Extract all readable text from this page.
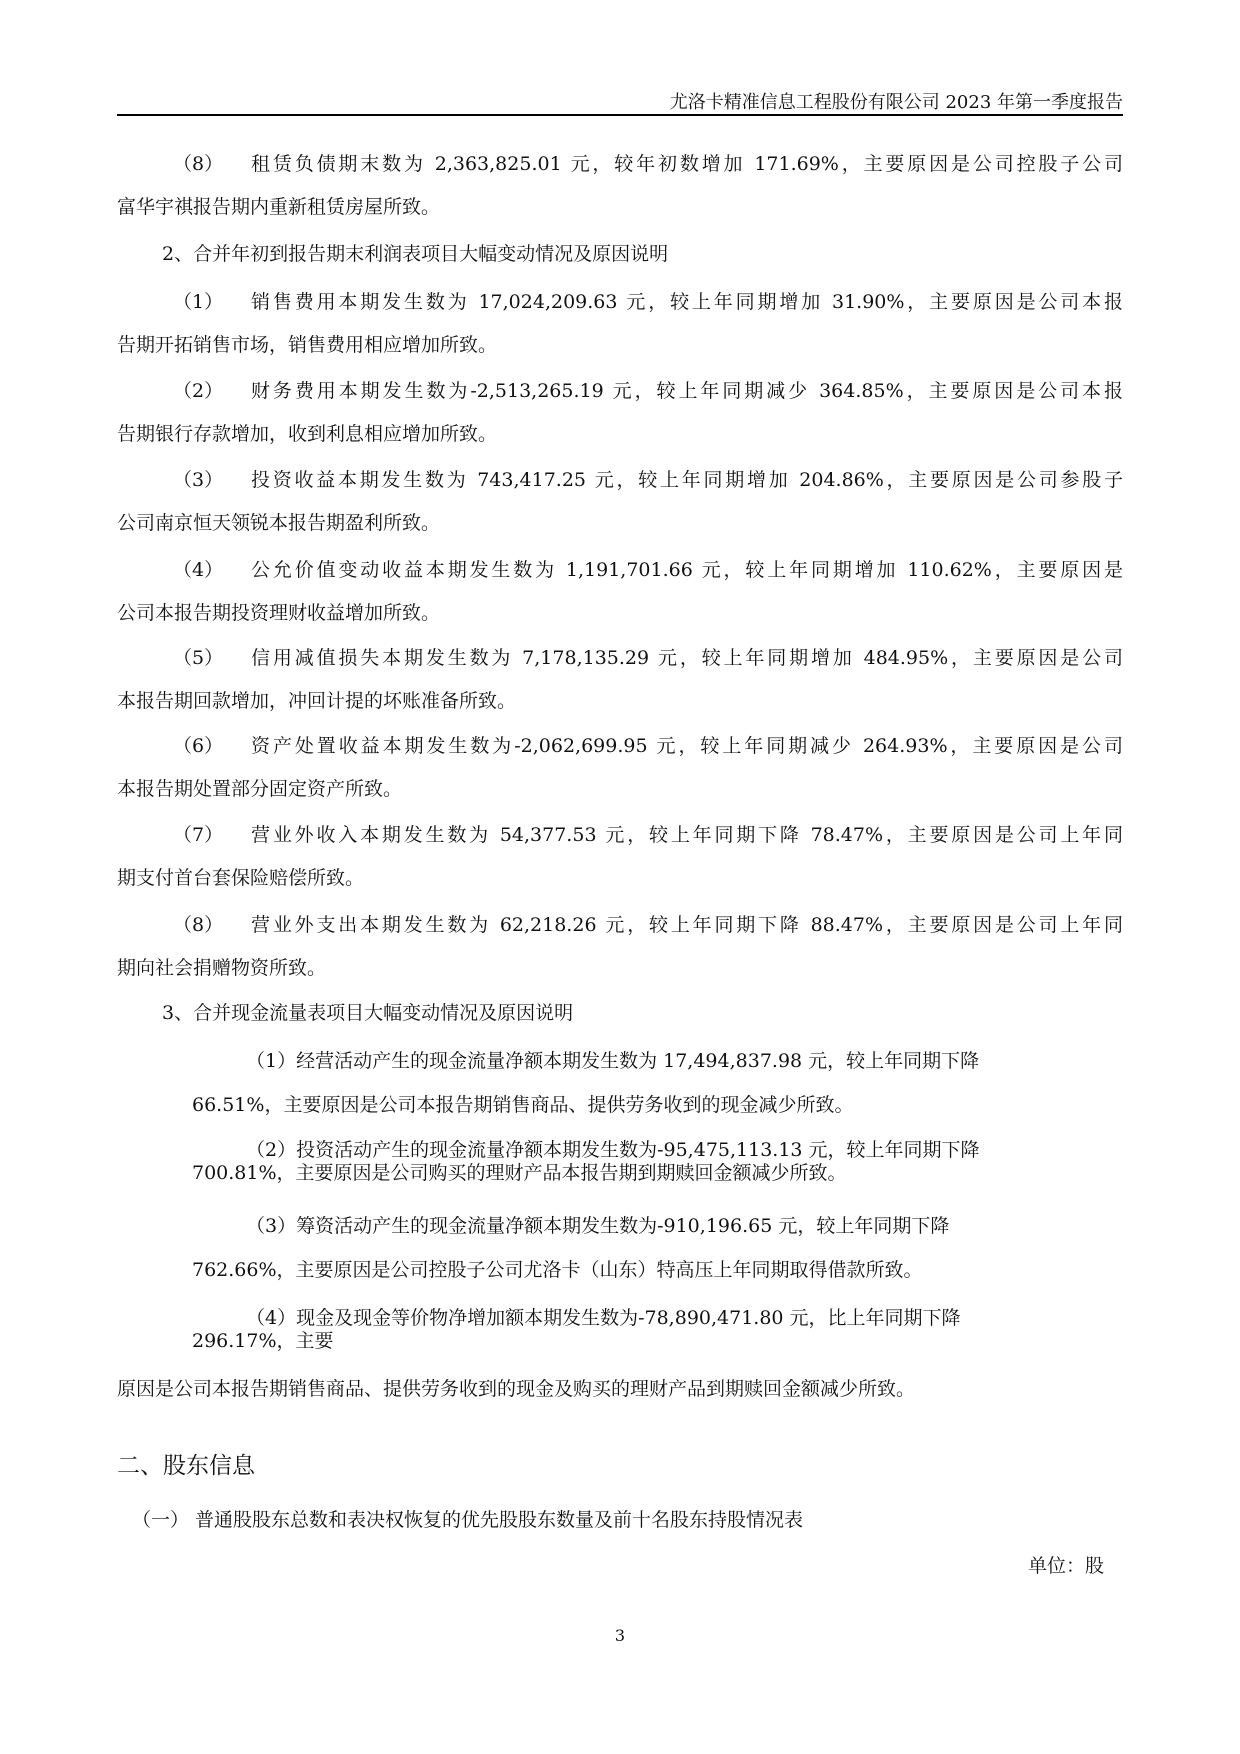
尤洛卡精准信息工程股份有限公司 2023 年第一季度报告
（8） 租赁负债期末数为 2,363,825.01 元，较年初数增加 171.69%，主要原因是公司控股子公司
富华宇祺报告期内重新租赁房屋所致。
2、合并年初到报告期末利润表项目大幅变动情况及原因说明
（1） 销售费用本期发生数为 17,024,209.63 元，较上年同期增加 31.90%，主要原因是公司本报
告期开拓销售市场，销售费用相应增加所致。
（2） 财务费用本期发生数为-2,513,265.19 元，较上年同期减少 364.85%，主要原因是公司本报
告期银行存款增加，收到利息相应增加所致。
（3） 投资收益本期发生数为 743,417.25 元，较上年同期增加 204.86%，主要原因是公司参股子
公司南京恒天领锐本报告期盈利所致。
（4） 公允价值变动收益本期发生数为 1,191,701.66 元，较上年同期增加 110.62%，主要原因是
公司本报告期投资理财收益增加所致。
（5） 信用减值损失本期发生数为 7,178,135.29 元，较上年同期增加 484.95%，主要原因是公司
本报告期回款增加，冲回计提的坏账准备所致。
（6） 资产处置收益本期发生数为-2,062,699.95 元，较上年同期减少 264.93%，主要原因是公司
本报告期处置部分固定资产所致。
（7） 营业外收入本期发生数为 54,377.53 元，较上年同期下降 78.47%，主要原因是公司上年同
期支付首台套保险赔偿所致。
（8） 营业外支出本期发生数为 62,218.26 元，较上年同期下降 88.47%，主要原因是公司上年同
期向社会捐赠物资所致。
3、合并现金流量表项目大幅变动情况及原因说明
（1）经营活动产生的现金流量净额本期发生数为 17,494,837.98 元，较上年同期下降
66.51%，主要原因是公司本报告期销售商品、提供劳务收到的现金减少所致。
（2）投资活动产生的现金流量净额本期发生数为-95,475,113.13 元，较上年同期下降
700.81%，主要原因是公司购买的理财产品本报告期到期赎回金额减少所致。
（3）筹资活动产生的现金流量净额本期发生数为-910,196.65 元，较上年同期下降
762.66%，主要原因是公司控股子公司尤洛卡（山东）特高压上年同期取得借款所致。
（4）现金及现金等价物净增加额本期发生数为-78,890,471.80 元，比上年同期下降
296.17%，主要
原因是公司本报告期销售商品、提供劳务收到的现金及购买的理财产品到期赎回金额减少所致。
二、股东信息
（一） 普通股股东总数和表决权恢复的优先股股东数量及前十名股东持股情况表
单位：股
3
